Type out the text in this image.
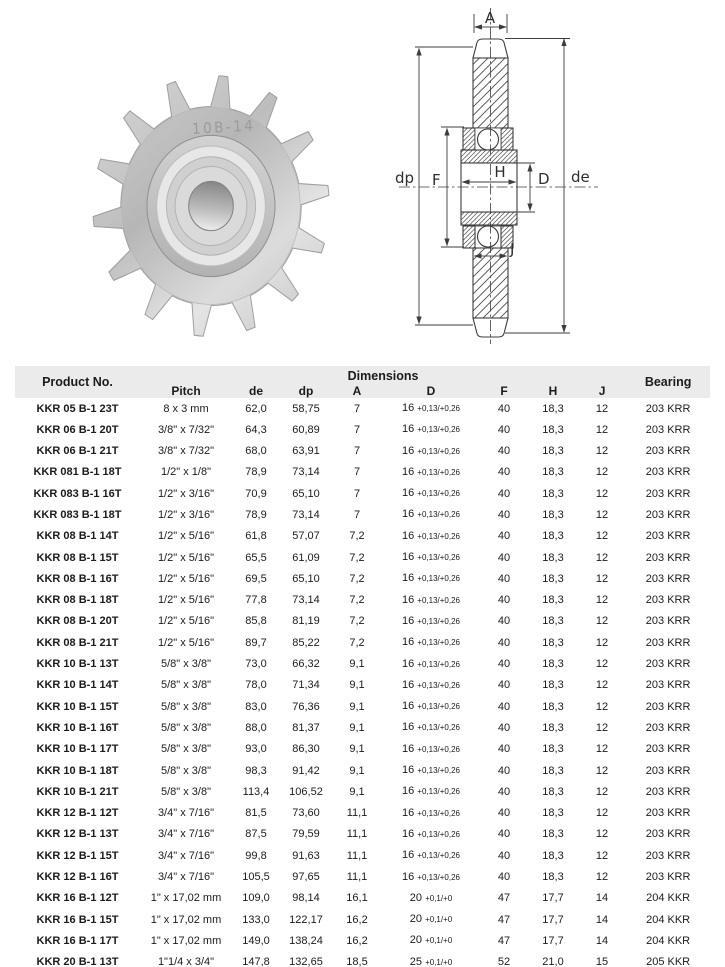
10B-14
A
dp F	H D de
J
Product No.	Dimensions								Bearing
	Pitch	de	dp	A	D	F	H	J	
KKR 05 B-1 23T	8 x 3 mm	62,0	58,75	7	16 +0,13/+0,26	40	18,3	12	203 KRR
KKR 06 B-1 20T	3/8" x 7/32"	64,3	60,89	7	16 +0,13/+0,26	40	18,3	12	203 KRR
KKR 06 B-1 21T	3/8" x 7/32"	68,0	63,91	7	16 +0,13/+0,26	40	18,3	12	203 KRR
KKR 081 B-1 18T	1/2" x 1/8"	78,9	73,14	7	16 +0,13/+0,26	40	18,3	12	203 KRR
KKR 083 B-1 16T	1/2" x 3/16"	70,9	65,10	7	16 +0,13/+0,26	40	18,3	12	203 KRR
KKR 083 B-1 18T	1/2" x 3/16"	78,9	73,14	7	16 +0,13/+0,26	40	18,3	12	203 KRR
KKR 08 B-1 14T	1/2" x 5/16"	61,8	57,07	7,2	16 +0,13/+0,26	40	18,3	12	203 KRR
KKR 08 B-1 15T	1/2" x 5/16"	65,5	61,09	7,2	16 +0,13/+0,26	40	18,3	12	203 KRR
KKR 08 B-1 16T	1/2" x 5/16"	69,5	65,10	7,2	16 +0,13/+0,26	40	18,3	12	203 KRR
KKR 08 B-1 18T	1/2" x 5/16"	77,8	73,14	7,2	16 +0,13/+0,26	40	18,3	12	203 KRR
KKR 08 B-1 20T	1/2" x 5/16"	85,8	81,19	7,2	16 +0,13/+0,26	40	18,3	12	203 KRR
KKR 08 B-1 21T	1/2" x 5/16"	89,7	85,22	7,2	16 +0,13/+0,26	40	18,3	12	203 KRR
KKR 10 B-1 13T	5/8" x 3/8"	73,0	66,32	9,1	16 +0,13/+0,26	40	18,3	12	203 KRR
KKR 10 B-1 14T	5/8" x 3/8"	78,0	71,34	9,1	16 +0,13/+0,26	40	18,3	12	203 KRR
KKR 10 B-1 15T	5/8" x 3/8"	83,0	76,36	9,1	16 +0,13/+0,26	40	18,3	12	203 KRR
KKR 10 B-1 16T	5/8" x 3/8"	88,0	81,37	9,1	16 +0,13/+0,26	40	18,3	12	203 KRR
KKR 10 B-1 17T	5/8" x 3/8"	93,0	86,30	9,1	16 +0,13/+0,26	40	18,3	12	203 KRR
KKR 10 B-1 18T	5/8" x 3/8"	98,3	91,42	9,1	16 +0,13/+0,26	40	18,3	12	203 KRR
KKR 10 B-1 21T	5/8" x 3/8"	113,4	106,52	9,1	16 +0,13/+0,26	40	18,3	12	203 KRR
KKR 12 B-1 12T	3/4" x 7/16"	81,5	73,60	11,1	16 +0,13/+0,26	40	18,3	12	203 KRR
KKR 12 B-1 13T	3/4" x 7/16"	87,5	79,59	11,1	16 +0,13/+0,26	40	18,3	12	203 KRR
KKR 12 B-1 15T	3/4" x 7/16"	99,8	91,63	11,1	16 +0,13/+0,26	40	18,3	12	203 KRR
KKR 12 B-1 16T	3/4" x 7/16"	105,5	97,65	11,1	16 +0,13/+0,26	40	18,3	12	203 KRR
KKR 16 B-1 12T	1" x 17,02 mm	109,0	98,14	16,1	20 +0,1/+0	47	17,7	14	204 KKR
KKR 16 B-1 15T	1" x 17,02 mm	133,0	122,17	16,2	20 +0,1/+0	47	17,7	14	204 KKR
KKR 16 B-1 17T	1" x 17,02 mm	149,0	138,24	16,2	20 +0,1/+0	47	17,7	14	204 KKR
KKR 20 B-1 13T	1"1/4 x 3/4"	147,8	132,65	18,5	25 +0,1/+0	52	21,0	15	205 KKR
